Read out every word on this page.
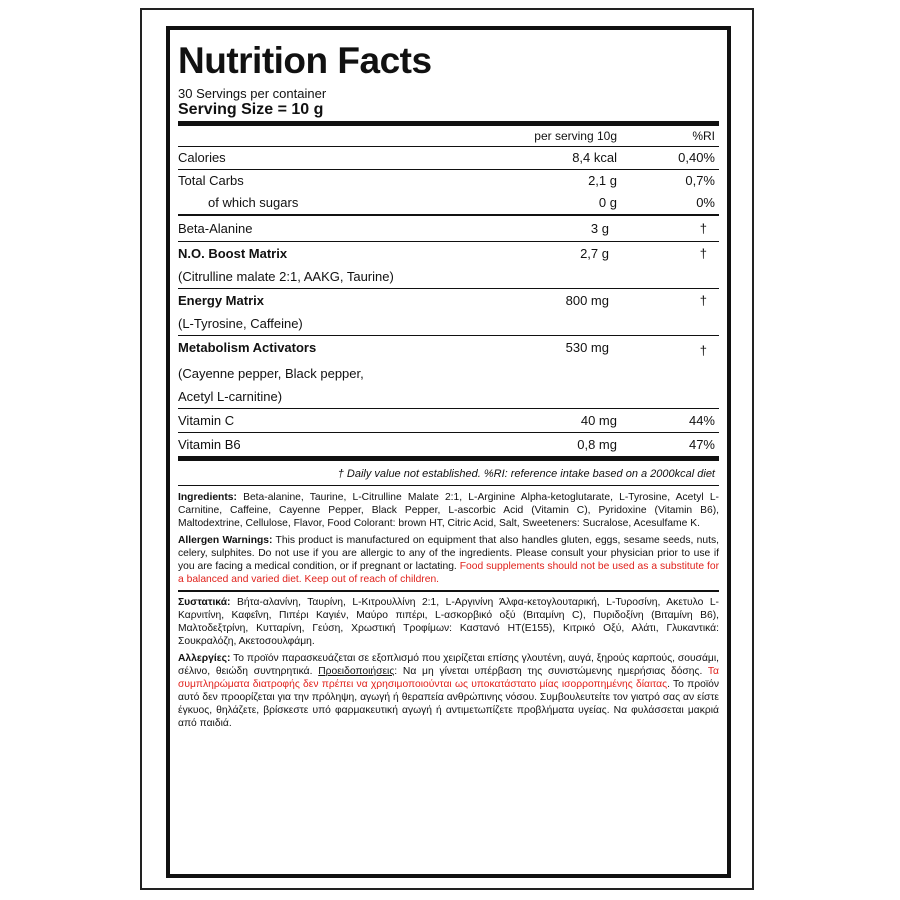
Nutrition Facts
30 Servings per container
Serving Size = 10 g
per serving 10g	%RI
Calories	8,4 kcal	0,40%
Total Carbs	2,1 g	0,7%
of which sugars	0 g	0%
Beta-Alanine	3 g	†
N.O. Boost Matrix	2,7 g	†
(Citrulline malate 2:1, AAKG, Taurine)
Energy Matrix	800 mg	†
(L-Tyrosine, Caffeine)
Metabolism Activators	530 mg	†
(Cayenne pepper, Black pepper,
Acetyl L-carnitine)
Vitamin C	40 mg	44%
Vitamin B6	0,8 mg	47%
† Daily value not established. %RI: reference intake based on a 2000kcal diet

Ingredients: Beta-alanine, Taurine, L-Citrulline Malate 2:1, L-Arginine Alpha-ketoglutarate, L-Tyrosine, Acetyl L-Carnitine, Caffeine, Cayenne Pepper, Black Pepper, L-ascorbic Acid (Vitamin C), Pyridoxine (Vitamin B6), Maltodextrine, Cellulose, Flavor, Food Colorant: brown HT, Citric Acid, Salt, Sweeteners: Sucralose, Acesulfame K.

Allergen Warnings: This product is manufactured on equipment that also handles gluten, eggs, sesame seeds, nuts, celery, sulphites. Do not use if you are allergic to any of the ingredients. Please consult your physician prior to use if you are facing a medical condition, or if pregnant or lactating. Food supplements should not be used as a substitute for a balanced and varied diet. Keep out of reach of children.

Συστατικά: Βήτα-αλανίνη, Ταυρίνη, L-Κιτρουλλίνη 2:1, L-Αργινίνη Άλφα-κετογλουταρική, L-Τυροσίνη, Ακετυλο L-Καρνιτίνη, Καφεΐνη, Πιπέρι Καγιέν, Μαύρο πιπέρι, L-ασκορβικό οξύ (Βιταμίνη C), Πυριδοξίνη (Βιταμίνη Β6), Μαλτοδεξτρίνη, Κυτταρίνη, Γεύση, Χρωστική Τροφίμων: Καστανό ΗΤ(Ε155), Κιτρικό Οξύ, Αλάτι, Γλυκαντικά: Σουκραλόζη, Ακετοσουλφάμη.

Αλλεργίες: Το προϊόν παρασκευάζεται σε εξοπλισμό που χειρίζεται επίσης γλουτένη, αυγά, ξηρούς καρπούς, σουσάμι, σέλινο, θειώδη συντηρητικά. Προειδοποιήσεις: Να μη γίνεται υπέρβαση της συνιστώμενης ημερήσιας δόσης. Τα συμπληρώματα διατροφής δεν πρέπει να χρησιμοποιούνται ως υποκατάστατο μίας ισορροπημένης δίαιτας. Το προϊόν αυτό δεν προορίζεται για την πρόληψη, αγωγή ή θεραπεία ανθρώπινης νόσου. Συμβουλευτείτε τον γιατρό σας αν είστε έγκυος, θηλάζετε, βρίσκεστε υπό φαρμακευτική αγωγή ή αντιμετωπίζετε προβλήματα υγείας. Να φυλάσσεται μακριά από παιδιά.
